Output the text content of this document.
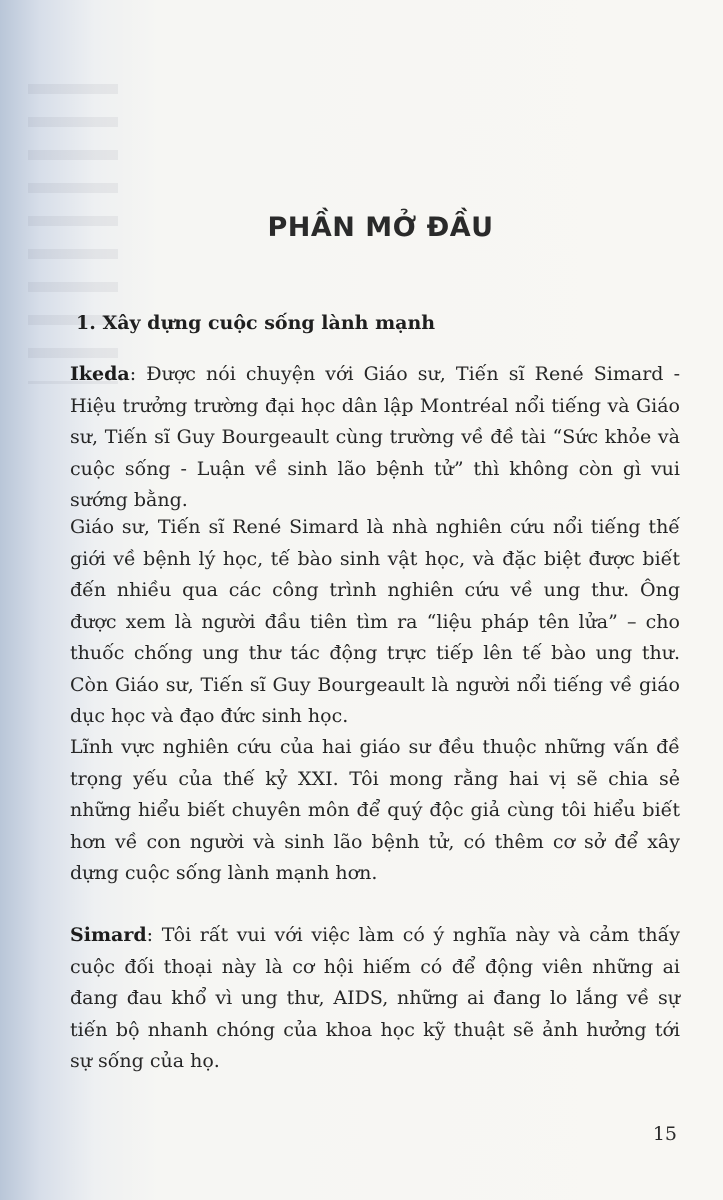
PHẦN MỞ ĐẦU
1. Xây dựng cuộc sống lành mạnh

Ikeda: Được nói chuyện với Giáo sư, Tiến sĩ René Simard - Hiệu trưởng trường đại học dân lập Montréal nổi tiếng và Giáo sư, Tiến sĩ Guy Bourgeault cùng trường về đề tài “Sức khỏe và cuộc sống - Luận về sinh lão bệnh tử” thì không còn gì vui sướng bằng.

Giáo sư, Tiến sĩ René Simard là nhà nghiên cứu nổi tiếng thế giới về bệnh lý học, tế bào sinh vật học, và đặc biệt được biết đến nhiều qua các công trình nghiên cứu về ung thư. Ông được xem là người đầu tiên tìm ra “liệu pháp tên lửa” – cho thuốc chống ung thư tác động trực tiếp lên tế bào ung thư. Còn Giáo sư, Tiến sĩ Guy Bourgeault là người nổi tiếng về giáo dục học và đạo đức sinh học.

Lĩnh vực nghiên cứu của hai giáo sư đều thuộc những vấn đề trọng yếu của thế kỷ XXI. Tôi mong rằng hai vị sẽ chia sẻ những hiểu biết chuyên môn để quý độc giả cùng tôi hiểu biết hơn về con người và sinh lão bệnh tử, có thêm cơ sở để xây dựng cuộc sống lành mạnh hơn.

Simard: Tôi rất vui với việc làm có ý nghĩa này và cảm thấy cuộc đối thoại này là cơ hội hiếm có để động viên những ai đang đau khổ vì ung thư, AIDS, những ai đang lo lắng về sự tiến bộ nhanh chóng của khoa học kỹ thuật sẽ ảnh hưởng tới sự sống của họ.

15
